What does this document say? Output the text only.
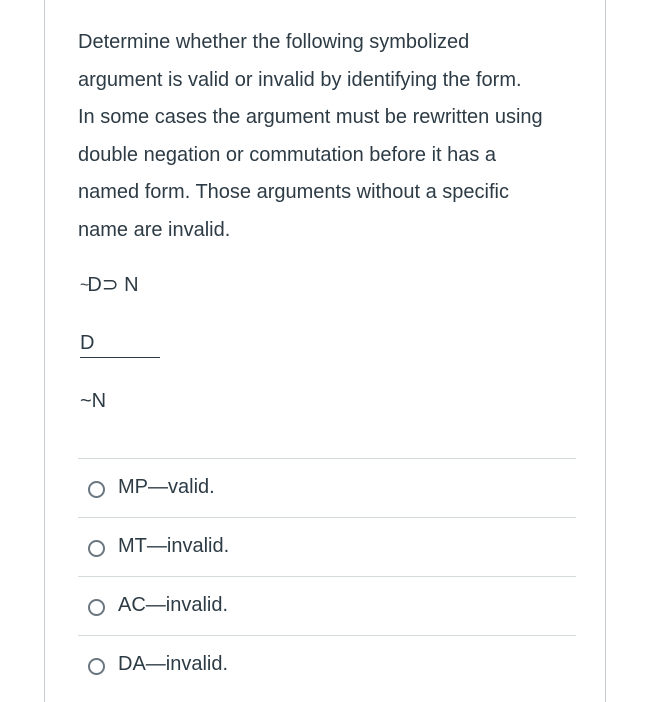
Determine whether the following symbolized
argument is valid or invalid by identifying the form.
In some cases the argument must be rewritten using
double negation or commutation before it has a
named form. Those arguments without a specific
name are invalid.
~D⊃ N
D
~N
MP—valid.
MT—invalid.
AC—invalid.
DA—invalid.
